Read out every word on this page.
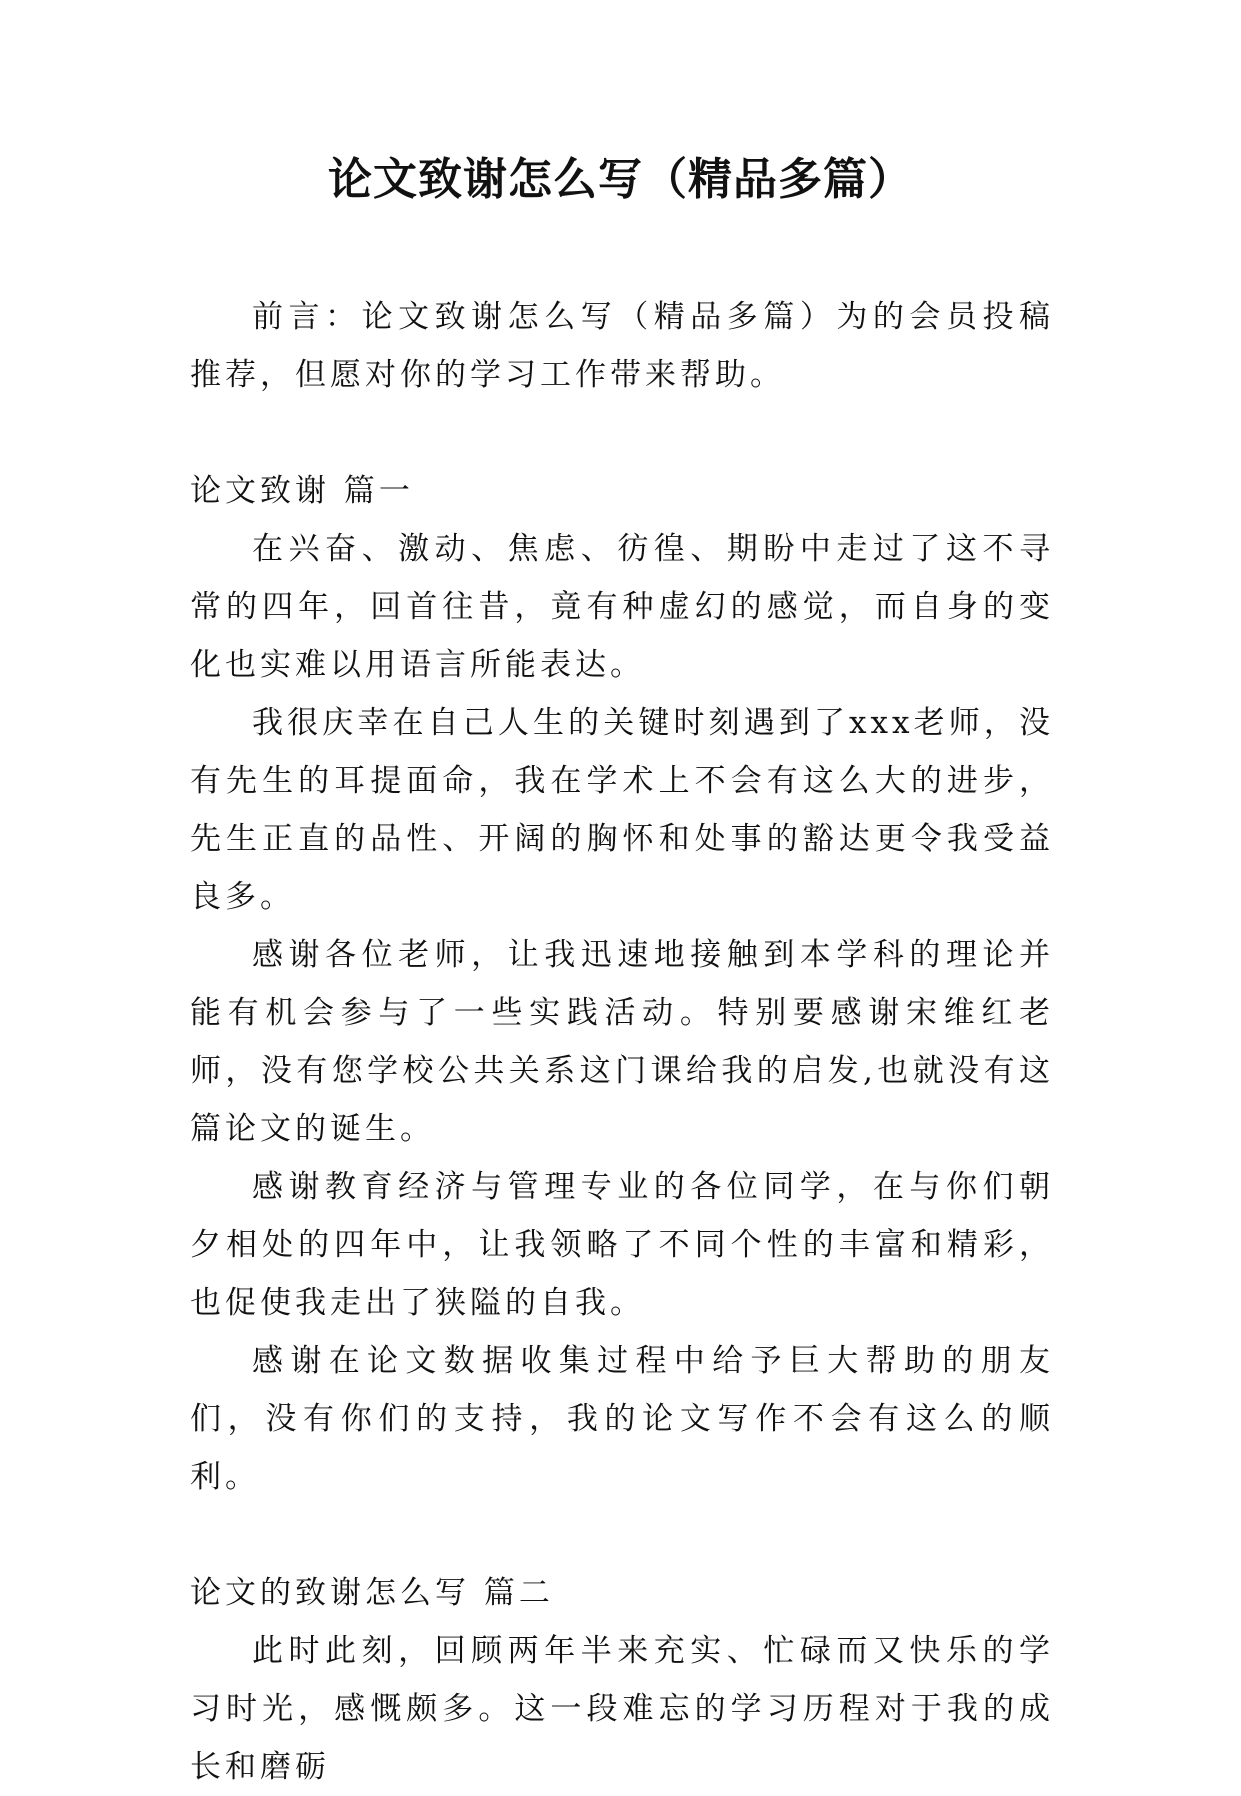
论文致谢怎么写（精品多篇）

前言：论文致谢怎么写（精品多篇）为的会员投稿推荐，但愿对你的学习工作带来帮助。

论文致谢 篇一

在兴奋、激动、焦虑、彷徨、期盼中走过了这不寻常的四年，回首往昔，竟有种虚幻的感觉，而自身的变化也实难以用语言所能表达。

我很庆幸在自己人生的关键时刻遇到了xxx老师，没有先生的耳提面命，我在学术上不会有这么大的进步，先生正直的品性、开阔的胸怀和处事的豁达更令我受益良多。

感谢各位老师，让我迅速地接触到本学科的理论并能有机会参与了一些实践活动。特别要感谢宋维红老师，没有您学校公共关系这门课给我的启发,也就没有这篇论文的诞生。

感谢教育经济与管理专业的各位同学，在与你们朝夕相处的四年中，让我领略了不同个性的丰富和精彩，也促使我走出了狭隘的自我。

感谢在论文数据收集过程中给予巨大帮助的朋友们，没有你们的支持，我的论文写作不会有这么的顺利。

论文的致谢怎么写 篇二

此时此刻，回顾两年半来充实、忙碌而又快乐的学习时光，感慨颇多。这一段难忘的学习历程对于我的成长和磨砺
